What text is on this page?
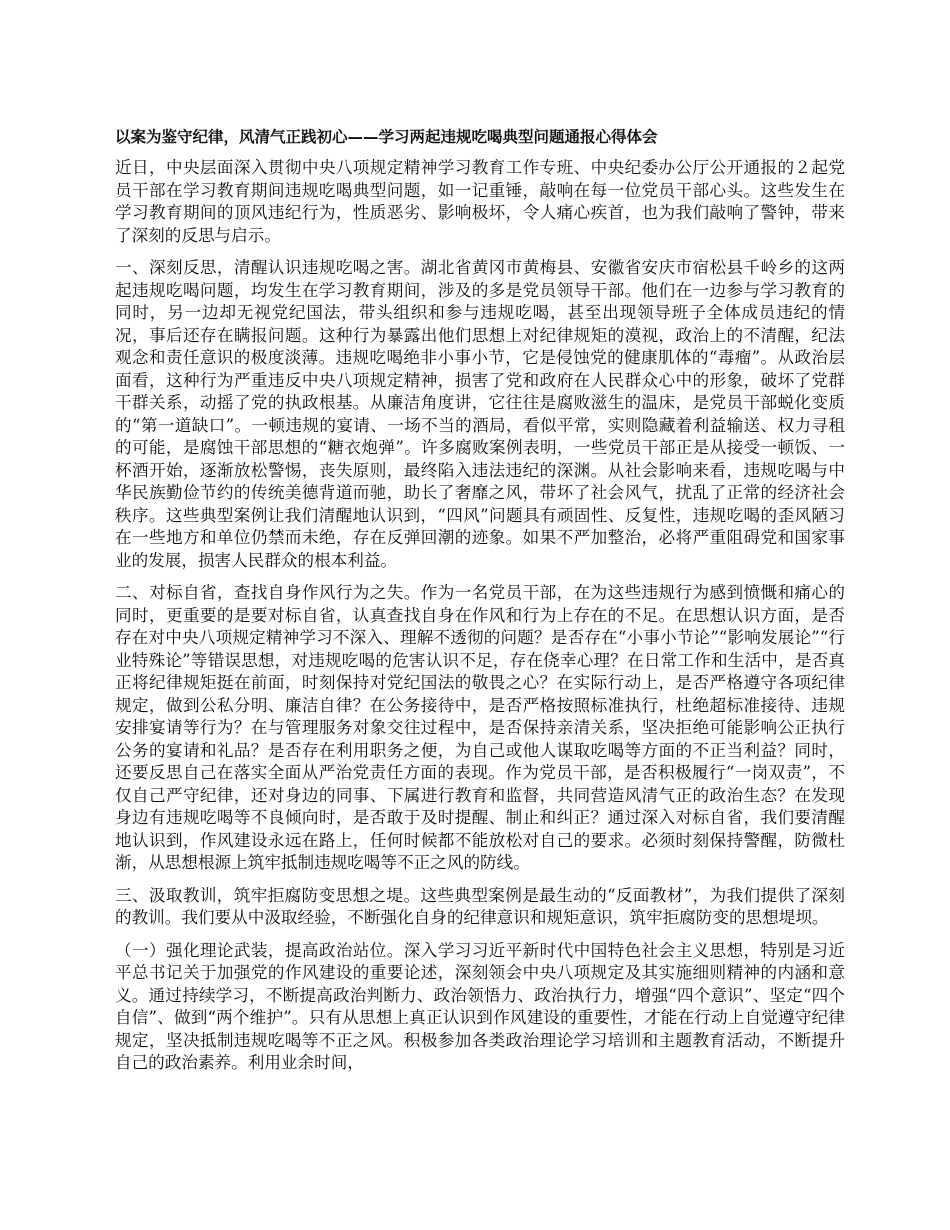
以案为鉴守纪律，风清气正践初心——学习两起违规吃喝典型问题通报心得体会

近日，中央层面深入贯彻中央八项规定精神学习教育工作专班、中央纪委办公厅公开通报的２起党员干部在学习教育期间违规吃喝典型问题，如一记重锤，敲响在每一位党员干部心头。这些发生在学习教育期间的顶风违纪行为，性质恶劣、影响极坏，令人痛心疾首，也为我们敲响了警钟，带来了深刻的反思与启示。

一、深刻反思，清醒认识违规吃喝之害。湖北省黄冈市黄梅县、安徽省安庆市宿松县千岭乡的这两起违规吃喝问题，均发生在学习教育期间，涉及的多是党员领导干部。他们在一边参与学习教育的同时，另一边却无视党纪国法，带头组织和参与违规吃喝，甚至出现领导班子全体成员违纪的情况，事后还存在瞒报问题。这种行为暴露出他们思想上对纪律规矩的漠视，政治上的不清醒，纪法观念和责任意识的极度淡薄。违规吃喝绝非小事小节，它是侵蚀党的健康肌体的“毒瘤”。从政治层面看，这种行为严重违反中央八项规定精神，损害了党和政府在人民群众心中的形象，破坏了党群干群关系，动摇了党的执政根基。从廉洁角度讲，它往往是腐败滋生的温床，是党员干部蜕化变质的“第一道缺口”。一顿违规的宴请、一场不当的酒局，看似平常，实则隐藏着利益输送、权力寻租的可能，是腐蚀干部思想的“糖衣炮弹”。许多腐败案例表明，一些党员干部正是从接受一顿饭、一杯酒开始，逐渐放松警惕，丧失原则，最终陷入违法违纪的深渊。从社会影响来看，违规吃喝与中华民族勤俭节约的传统美德背道而驰，助长了奢靡之风，带坏了社会风气，扰乱了正常的经济社会秩序。这些典型案例让我们清醒地认识到，“四风”问题具有顽固性、反复性，违规吃喝的歪风陋习在一些地方和单位仍禁而未绝，存在反弹回潮的迹象。如果不严加整治，必将严重阻碍党和国家事业的发展，损害人民群众的根本利益。

二、对标自省，查找自身作风行为之失。作为一名党员干部，在为这些违规行为感到愤慨和痛心的同时，更重要的是要对标自省，认真查找自身在作风和行为上存在的不足。在思想认识方面，是否存在对中央八项规定精神学习不深入、理解不透彻的问题？是否存在“小事小节论”“影响发展论”“行业特殊论”等错误思想，对违规吃喝的危害认识不足，存在侥幸心理？在日常工作和生活中，是否真正将纪律规矩挺在前面，时刻保持对党纪国法的敬畏之心？在实际行动上，是否严格遵守各项纪律规定，做到公私分明、廉洁自律？在公务接待中，是否严格按照标准执行，杜绝超标准接待、违规安排宴请等行为？在与管理服务对象交往过程中，是否保持亲清关系，坚决拒绝可能影响公正执行公务的宴请和礼品？是否存在利用职务之便，为自己或他人谋取吃喝等方面的不正当利益？同时，还要反思自己在落实全面从严治党责任方面的表现。作为党员干部，是否积极履行“一岗双责”，不仅自己严守纪律，还对身边的同事、下属进行教育和监督，共同营造风清气正的政治生态？在发现身边有违规吃喝等不良倾向时，是否敢于及时提醒、制止和纠正？通过深入对标自省，我们要清醒地认识到，作风建设永远在路上，任何时候都不能放松对自己的要求。必须时刻保持警醒，防微杜渐，从思想根源上筑牢抵制违规吃喝等不正之风的防线。

三、汲取教训，筑牢拒腐防变思想之堤。这些典型案例是最生动的“反面教材”，为我们提供了深刻的教训。我们要从中汲取经验，不断强化自身的纪律意识和规矩意识，筑牢拒腐防变的思想堤坝。

（一）强化理论武装，提高政治站位。深入学习习近平新时代中国特色社会主义思想，特别是习近平总书记关于加强党的作风建设的重要论述，深刻领会中央八项规定及其实施细则精神的内涵和意义。通过持续学习，不断提高政治判断力、政治领悟力、政治执行力，增强“四个意识”、坚定“四个自信”、做到“两个维护”。只有从思想上真正认识到作风建设的重要性，才能在行动上自觉遵守纪律规定，坚决抵制违规吃喝等不正之风。积极参加各类政治理论学习培训和主题教育活动，不断提升自己的政治素养。利用业余时间，
